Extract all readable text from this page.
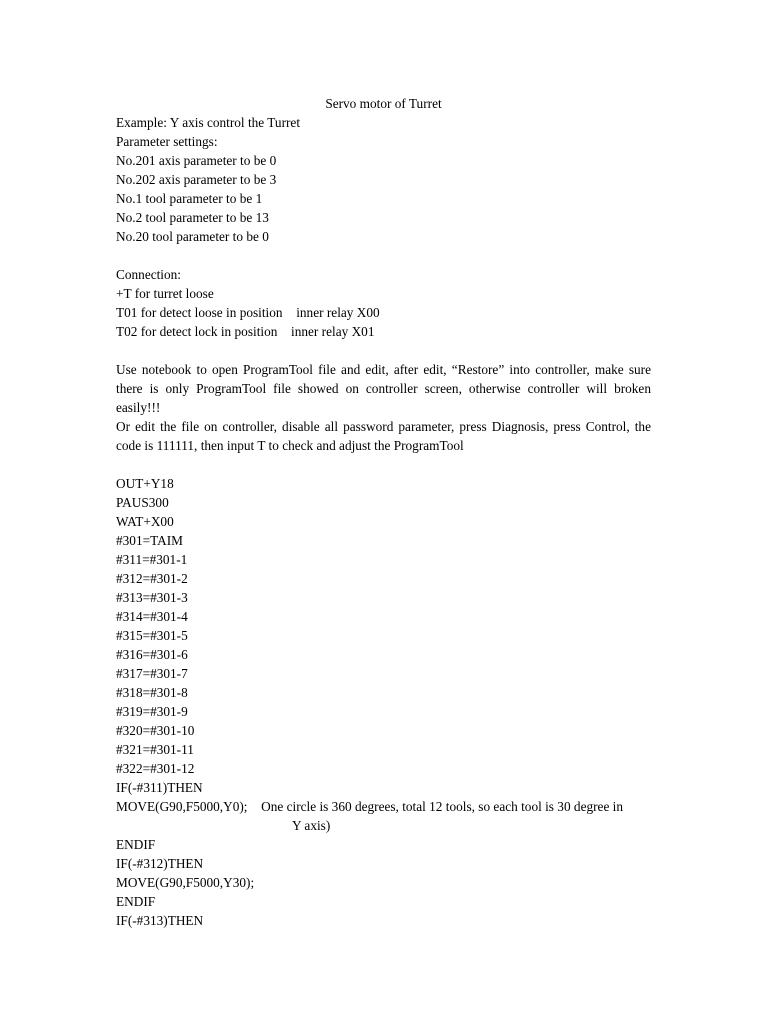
Servo motor of Turret
Example: Y axis control the Turret
Parameter settings:
No.201 axis parameter to be 0
No.202 axis parameter to be 3
No.1 tool parameter to be 1
No.2 tool parameter to be 13
No.20 tool parameter to be 0
Connection:
+T for turret loose
T01 for detect loose in position  inner relay X00 
T02 for detect lock in position  inner relay X01 
Use notebook to open ProgramTool file and edit, after edit, “Restore” into controller, make sure there is only ProgramTool file showed on controller screen, otherwise controller will broken easily!!!
Or edit the file on controller, disable all password parameter, press Diagnosis, press Control, the code is 111111, then input T to check and adjust the ProgramTool
OUT+Y18
PAUS300
WAT+X00
#301=TAIM
#311=#301-1
#312=#301-2
#313=#301-3
#314=#301-4
#315=#301-5
#316=#301-6
#317=#301-7
#318=#301-8
#319=#301-9
#320=#301-10
#321=#301-11
#322=#301-12
IF(-#311)THEN
MOVE(G90,F5000,Y0);  One circle is 360 degrees, total 12 tools, so each tool is 30 degree in
Y axis)
ENDIF
IF(-#312)THEN
MOVE(G90,F5000,Y30);
ENDIF
IF(-#313)THEN
